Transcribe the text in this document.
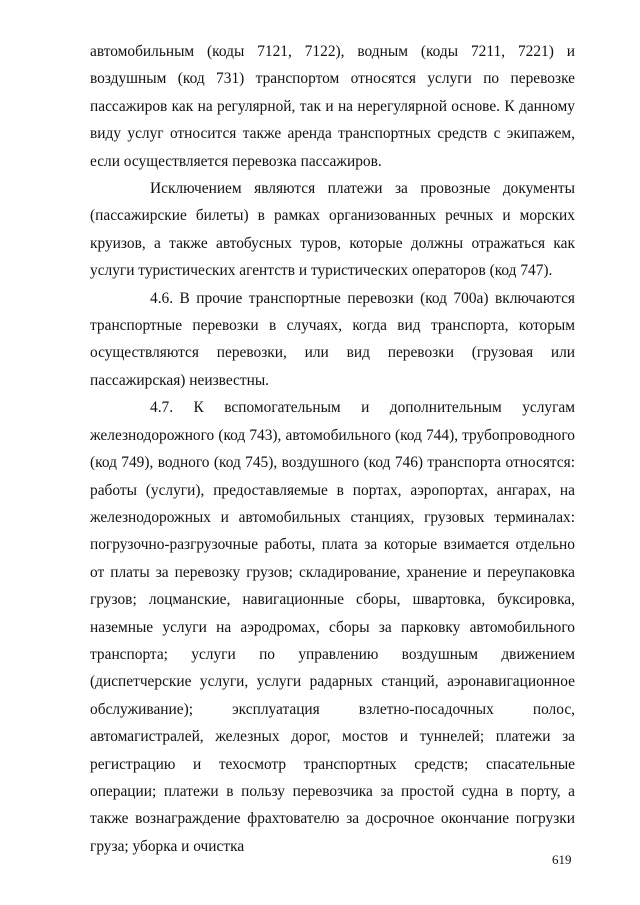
автомобильным (коды 7121, 7122), водным (коды 7211, 7221) и воздушным (код 731) транспортом относятся услуги по перевозке пассажиров как на регулярной, так и на нерегулярной основе. К данному виду услуг относится также аренда транспортных средств с экипажем, если осуществляется перевозка пассажиров.

Исключением являются платежи за провозные документы (пассажирские билеты) в рамках организованных речных и морских круизов, а также автобусных туров, которые должны отражаться как услуги туристических агентств и туристических операторов (код 747).

4.6. В прочие транспортные перевозки (код 700а) включаются транспортные перевозки в случаях, когда вид транспорта, которым осуществляются перевозки, или вид перевозки (грузовая или пассажирская) неизвестны.

4.7. К вспомогательным и дополнительным услугам железнодорожного (код 743), автомобильного (код 744), трубопроводного (код 749), водного (код 745), воздушного (код 746) транспорта относятся: работы (услуги), предоставляемые в портах, аэропортах, ангарах, на железнодорожных и автомобильных станциях, грузовых терминалах: погрузочно-разгрузочные работы, плата за которые взимается отдельно от платы за перевозку грузов; складирование, хранение и переупаковка грузов; лоцманские, навигационные сборы, швартовка, буксировка, наземные услуги на аэродромах, сборы за парковку автомобильного транспорта; услуги по управлению воздушным движением (диспетчерские услуги, услуги радарных станций, аэронавигационное обслуживание); эксплуатация взлетно-посадочных полос, автомагистралей, железных дорог, мостов и туннелей; платежи за регистрацию и техосмотр транспортных средств; спасательные операции; платежи в пользу перевозчика за простой судна в порту, а также вознаграждение фрахтователю за досрочное окончание погрузки груза; уборка и очистка

619
